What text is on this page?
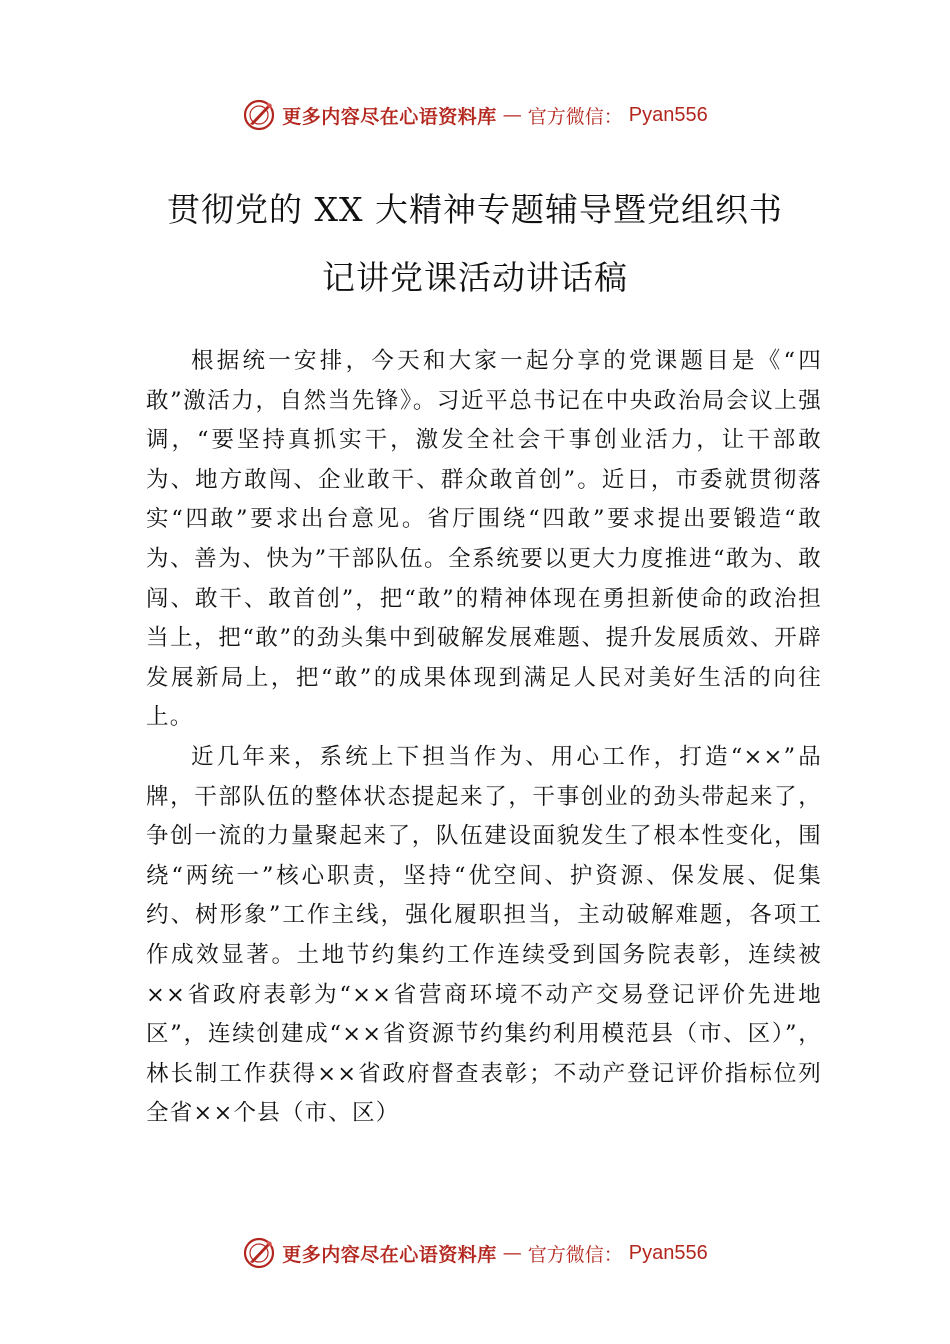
更多内容尽在心语资料库 — 官方微信： Pyan556
贯彻党的 XX 大精神专题辅导暨党组织书
记讲党课活动讲话稿

根据统一安排，今天和大家一起分享的党课题目是《“四敢”激活力，自然当先锋》。习近平总书记在中央政治局会议上强调，“要坚持真抓实干，激发全社会干事创业活力，让干部敢为、地方敢闯、企业敢干、群众敢首创”。近日，市委就贯彻落实“四敢”要求出台意见。省厅围绕“四敢”要求提出要锻造“敢为、善为、快为”干部队伍。全系统要以更大力度推进“敢为、敢闯、敢干、敢首创”，把“敢”的精神体现在勇担新使命的政治担当上，把“敢”的劲头集中到破解发展难题、提升发展质效、开辟发展新局上，把“敢”的成果体现到满足人民对美好生活的向往上。

近几年来，系统上下担当作为、用心工作，打造“××”品牌，干部队伍的整体状态提起来了，干事创业的劲头带起来了，争创一流的力量聚起来了，队伍建设面貌发生了根本性变化，围绕“两统一”核心职责，坚持“优空间、护资源、保发展、促集约、树形象”工作主线，强化履职担当，主动破解难题，各项工作成效显著。土地节约集约工作连续受到国务院表彰，连续被××省政府表彰为“××省营商环境不动产交易登记评价先进地区”，连续创建成“××省资源节约集约利用模范县（市、区）”，林长制工作获得××省政府督查表彰；不动产登记评价指标位列全省××个县（市、区）

更多内容尽在心语资料库 — 官方微信： Pyan556
